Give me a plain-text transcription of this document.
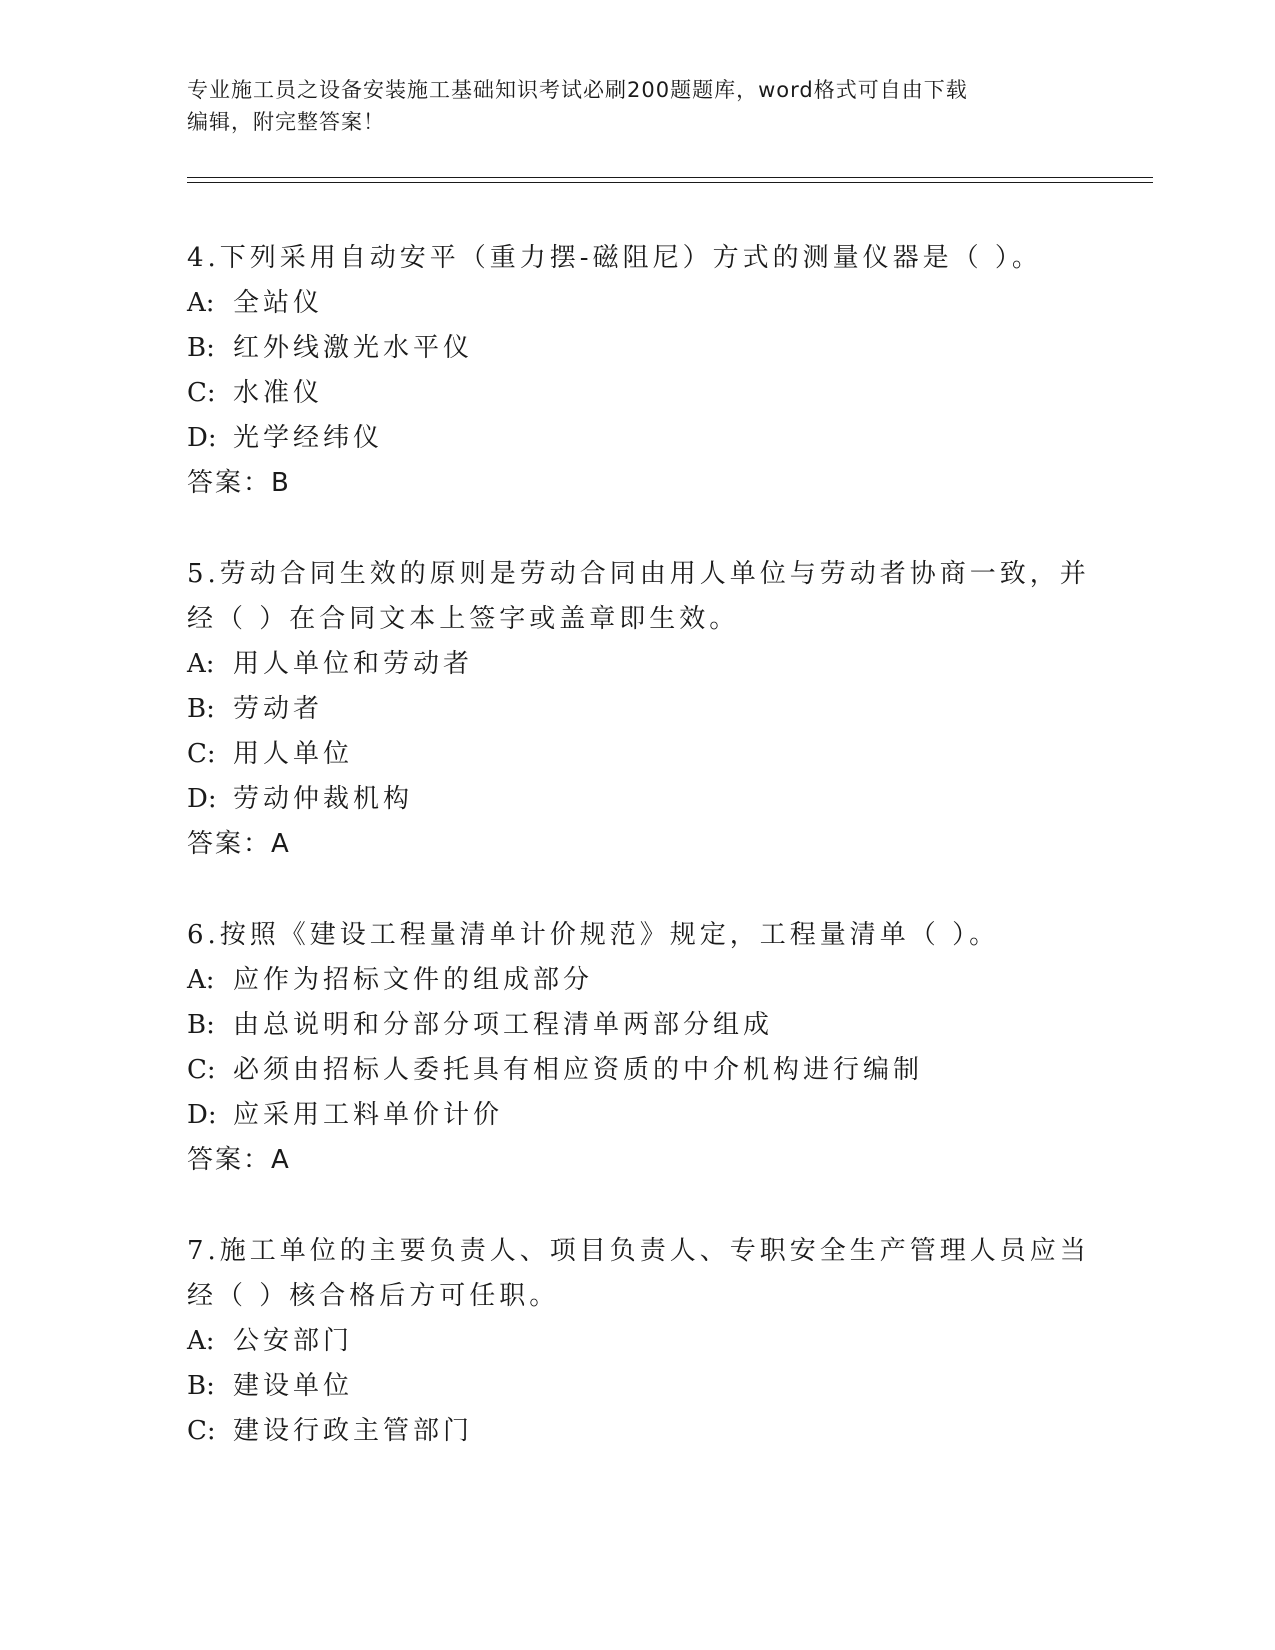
专业施工员之设备安装施工基础知识考试必刷200题题库，word格式可自由下载
编辑，附完整答案！
4.下列采用自动安平（重力摆-磁阻尼）方式的测量仪器是（ ）。
A: 全站仪
B: 红外线激光水平仪
C: 水准仪
D: 光学经纬仪
答案：B
5.劳动合同生效的原则是劳动合同由用人单位与劳动者协商一致，并
经（ ）在合同文本上签字或盖章即生效。
A: 用人单位和劳动者
B: 劳动者
C: 用人单位
D: 劳动仲裁机构
答案：A
6.按照《建设工程量清单计价规范》规定，工程量清单（ ）。
A: 应作为招标文件的组成部分
B: 由总说明和分部分项工程清单两部分组成
C: 必须由招标人委托具有相应资质的中介机构进行编制
D: 应采用工料单价计价
答案：A
7.施工单位的主要负责人、项目负责人、专职安全生产管理人员应当
经（ ）核合格后方可任职。
A: 公安部门
B: 建设单位
C: 建设行政主管部门
